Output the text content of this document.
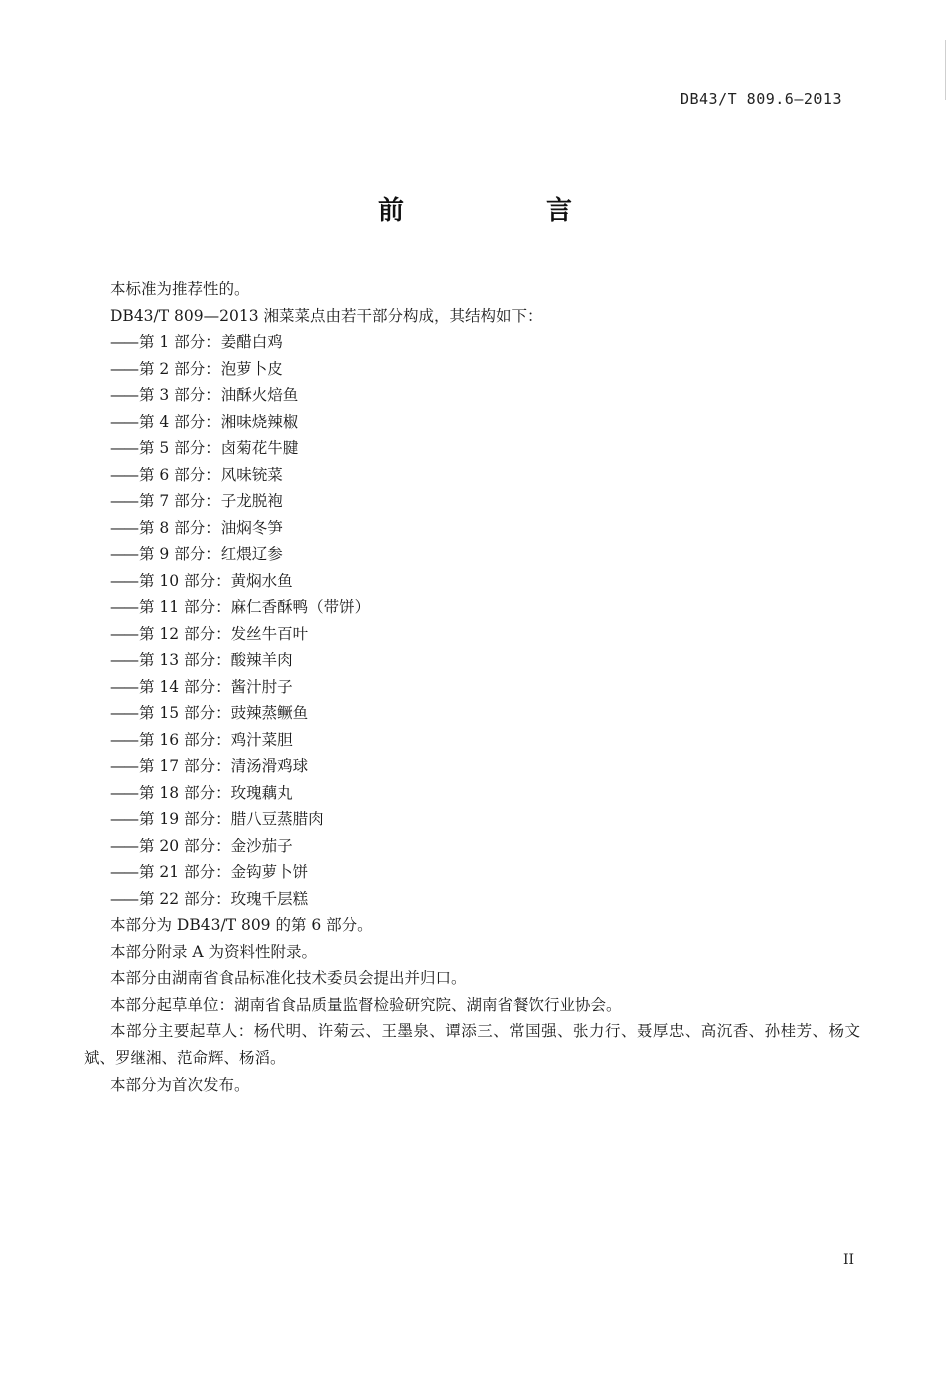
DB43/T 809.6—2013
前　言

本标准为推荐性的。

DB43/T 809—2013 湘菜菜点由若干部分构成，其结构如下：

—— 第 1 部分：姜醋白鸡
—— 第 2 部分：泡萝卜皮
—— 第 3 部分：油酥火焙鱼
—— 第 4 部分：湘味烧辣椒
—— 第 5 部分：卤菊花牛腱
—— 第 6 部分：风味铳菜
—— 第 7 部分：子龙脱袍
—— 第 8 部分：油焖冬笋
—— 第 9 部分：红煨辽参
—— 第 10 部分：黄焖水鱼
—— 第 11 部分：麻仁香酥鸭（带饼）
—— 第 12 部分：发丝牛百叶
—— 第 13 部分：酸辣羊肉
—— 第 14 部分：酱汁肘子
—— 第 15 部分：豉辣蒸鳜鱼
—— 第 16 部分：鸡汁菜胆
—— 第 17 部分：清汤滑鸡球
—— 第 18 部分：玫瑰藕丸
—— 第 19 部分：腊八豆蒸腊肉
—— 第 20 部分：金沙茄子
—— 第 21 部分：金钩萝卜饼
—— 第 22 部分：玫瑰千层糕

本部分为 DB43/T 809 的第 6 部分。

本部分附录 A 为资料性附录。

本部分由湖南省食品标准化技术委员会提出并归口。

本部分起草单位：湖南省食品质量监督检验研究院、湖南省餐饮行业协会。

本部分主要起草人：杨代明、许菊云、王墨泉、谭添三、常国强、张力行、聂厚忠、高沉香、孙桂芳、杨文斌、罗继湘、范命辉、杨滔。

本部分为首次发布。

II
